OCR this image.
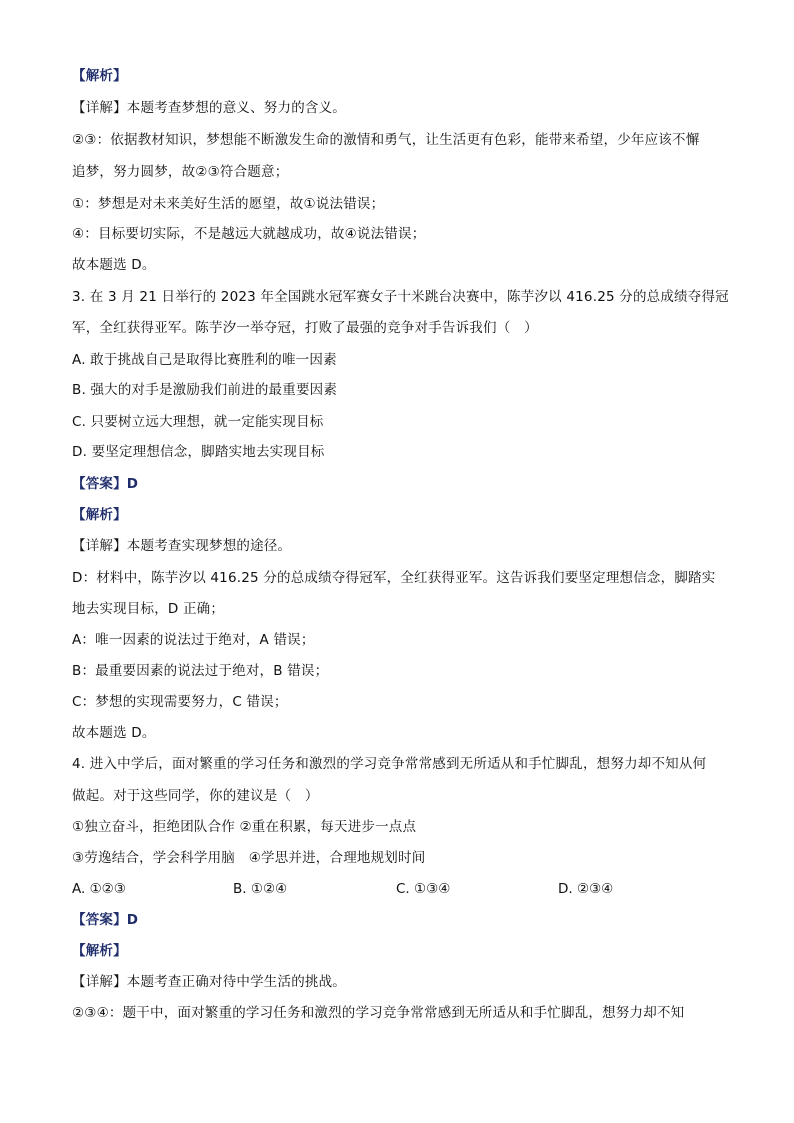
【解析】
【详解】本题考查梦想的意义、努力的含义。
②③：依据教材知识，梦想能不断激发生命的激情和勇气，让生活更有色彩，能带来希望，少年应该不懈
追梦，努力圆梦，故②③符合题意；
①：梦想是对未来美好生活的愿望，故①说法错误；
④：目标要切实际，不是越远大就越成功，故④说法错误；
故本题选 D。
3. 在 3 月 21 日举行的 2023 年全国跳水冠军赛女子十米跳台决赛中，陈芋汐以 416.25 分的总成绩夺得冠
军，全红获得亚军。陈芋汐一举夺冠，打败了最强的竞争对手告诉我们（　）
A. 敢于挑战自己是取得比赛胜利的唯一因素
B. 强大的对手是激励我们前进的最重要因素
C. 只要树立远大理想，就一定能实现目标
D. 要坚定理想信念，脚踏实地去实现目标
【答案】D
【解析】
【详解】本题考查实现梦想的途径。
D：材料中，陈芋汐以 416.25 分的总成绩夺得冠军，全红获得亚军。这告诉我们要坚定理想信念，脚踏实
地去实现目标，D 正确；
A：唯一因素的说法过于绝对，A 错误；
B：最重要因素的说法过于绝对，B 错误；
C：梦想的实现需要努力，C 错误；
故本题选 D。
4. 进入中学后，面对繁重的学习任务和激烈的学习竞争常常感到无所适从和手忙脚乱，想努力却不知从何
做起。对于这些同学，你的建议是（　）
①独立奋斗，拒绝团队合作 ②重在积累，每天进步一点点
③劳逸结合，学会科学用脑　④学思并进，合理地规划时间
A. ①②③	B. ①②④	C. ①③④	D. ②③④
【答案】D
【解析】
【详解】本题考查正确对待中学生活的挑战。
②③④：题干中，面对繁重的学习任务和激烈的学习竞争常常感到无所适从和手忙脚乱，想努力却不知
